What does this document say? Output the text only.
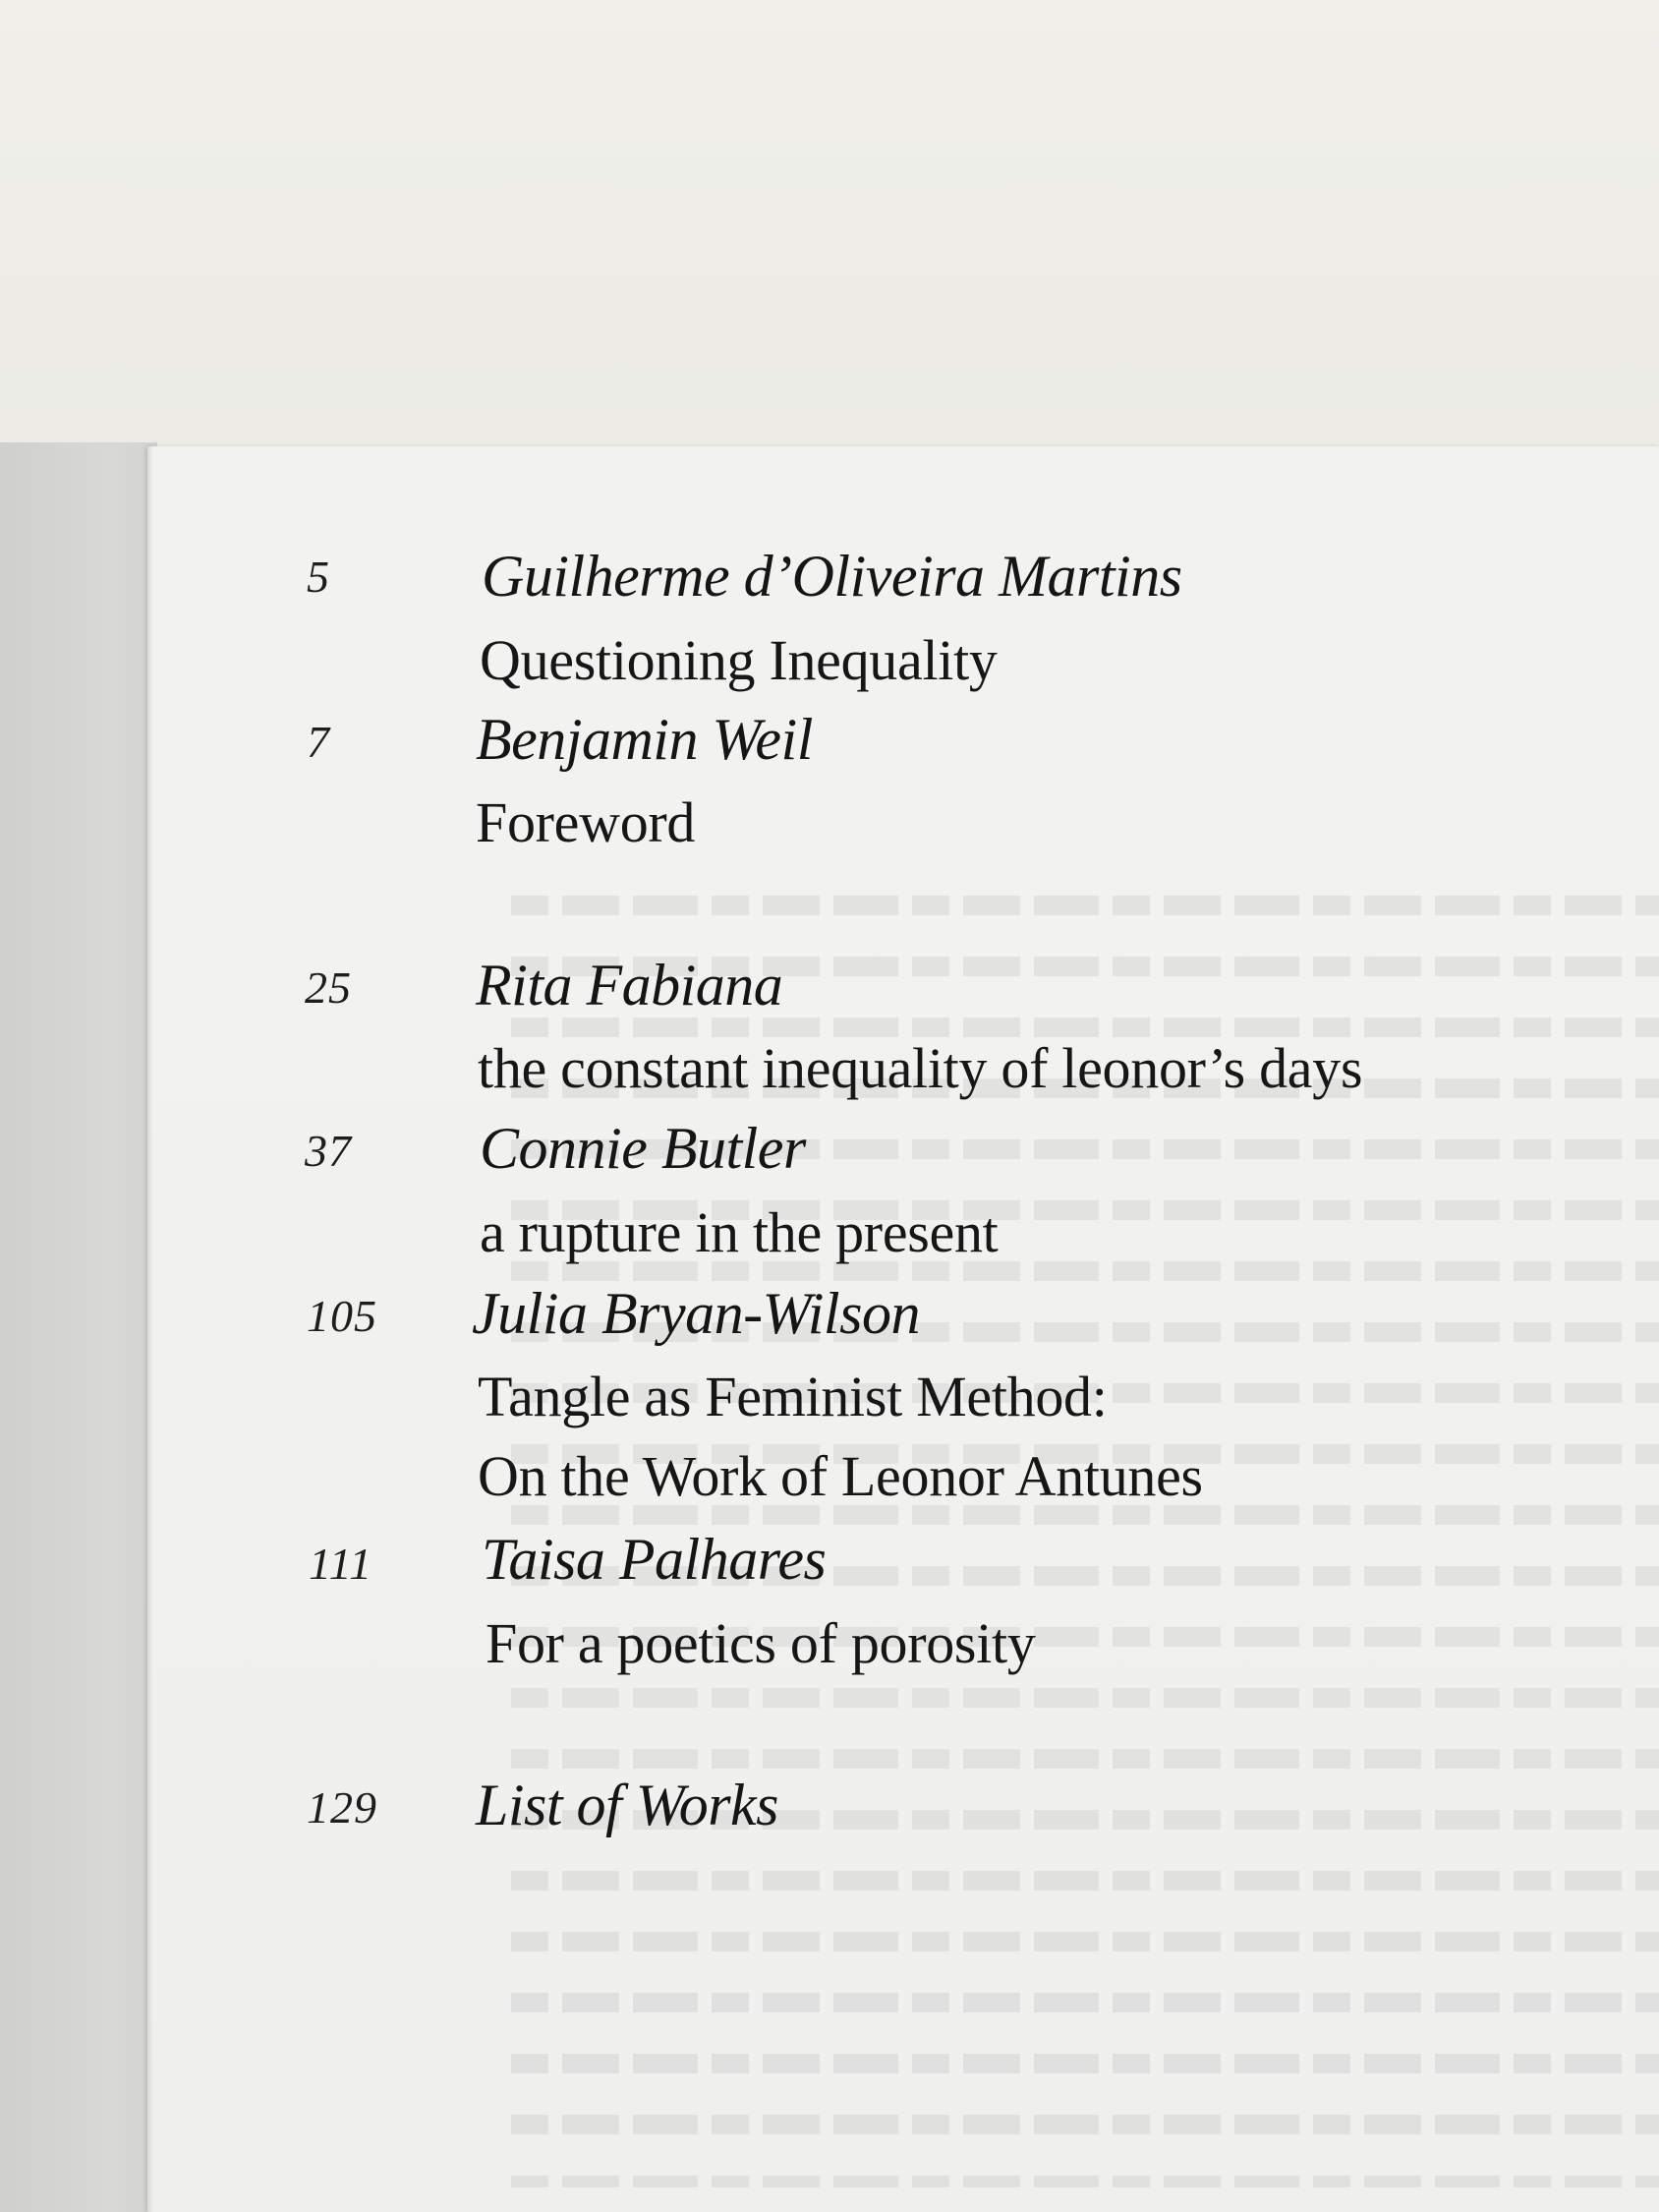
5	Guilherme d’Oliveira Martins
Questioning Inequality
7 Benjamin Weil
Foreword
25 Rita Fabiana
the constant inequality of leonor’s days
37 Connie Butler
a rupture in the present
105 Julia Bryan-Wilson
Tangle as Feminist Method:
On the Work of Leonor Antunes
111 Taisa Palhares
For a poetics of porosity
129 List of Works
